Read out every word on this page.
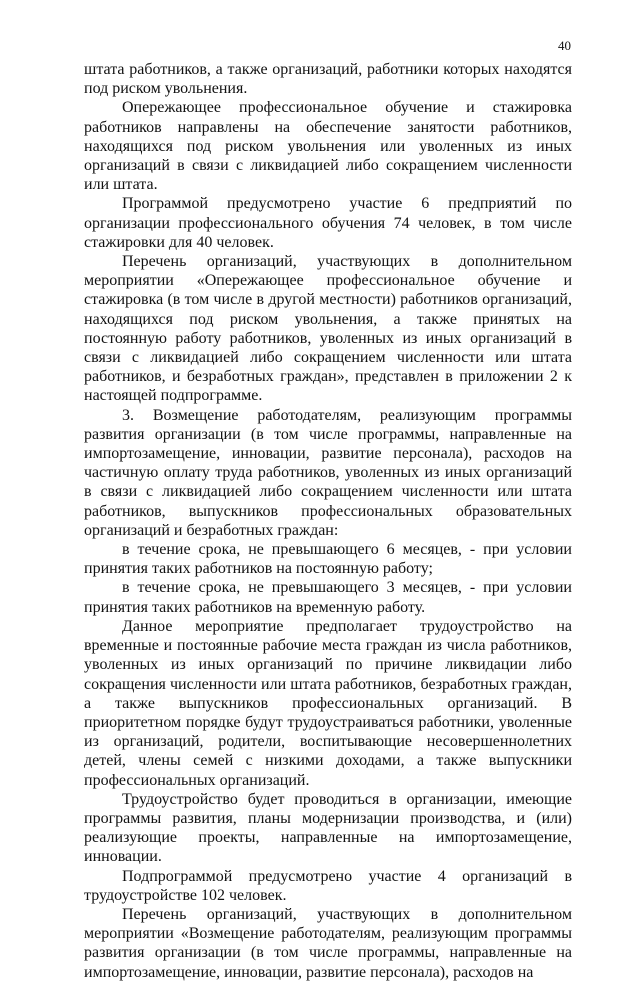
40

штата работников, а также организаций, работники которых находятся под риском увольнения.

Опережающее профессиональное обучение и стажировка работников направлены на обеспечение занятости работников, находящихся под риском увольнения или уволенных из иных организаций в связи с ликвидацией либо сокращением численности или штата.

Программой предусмотрено участие 6 предприятий по организации профессионального обучения 74 человек, в том числе стажировки для 40 человек.

Перечень организаций, участвующих в дополнительном мероприятии «Опережающее профессиональное обучение и стажировка (в том числе в другой местности) работников организаций, находящихся под риском увольнения, а также принятых на постоянную работу работников, уволенных из иных организаций в связи с ликвидацией либо сокращением численности или штата работников, и безработных граждан», представлен в приложении 2 к настоящей подпрограмме.

3. Возмещение работодателям, реализующим программы развития организации (в том числе программы, направленные на импортозамещение, инновации, развитие персонала), расходов на частичную оплату труда работников, уволенных из иных организаций в связи с ликвидацией либо сокращением численности или штата работников, выпускников профессиональных образовательных организаций и безработных граждан:

в течение срока, не превышающего 6 месяцев, - при условии принятия таких работников на постоянную работу;

в течение срока, не превышающего 3 месяцев, - при условии принятия таких работников на временную работу.

Данное мероприятие предполагает трудоустройство на временные и постоянные рабочие места граждан из числа работников, уволенных из иных организаций по причине ликвидации либо сокращения численности или штата работников, безработных граждан, а также выпускников профессиональных организаций. В приоритетном порядке будут трудоустраиваться работники, уволенные из организаций, родители, воспитывающие несовершеннолетних детей, члены семей с низкими доходами, а также выпускники профессиональных организаций.

Трудоустройство будет проводиться в организации, имеющие программы развития, планы модернизации производства, и (или) реализующие проекты, направленные на импортозамещение, инновации.

Подпрограммой предусмотрено участие 4 организаций в трудоустройстве 102 человек.

Перечень организаций, участвующих в дополнительном мероприятии «Возмещение работодателям, реализующим программы развития организации (в том числе программы, направленные на импортозамещение, инновации, развитие персонала), расходов на
